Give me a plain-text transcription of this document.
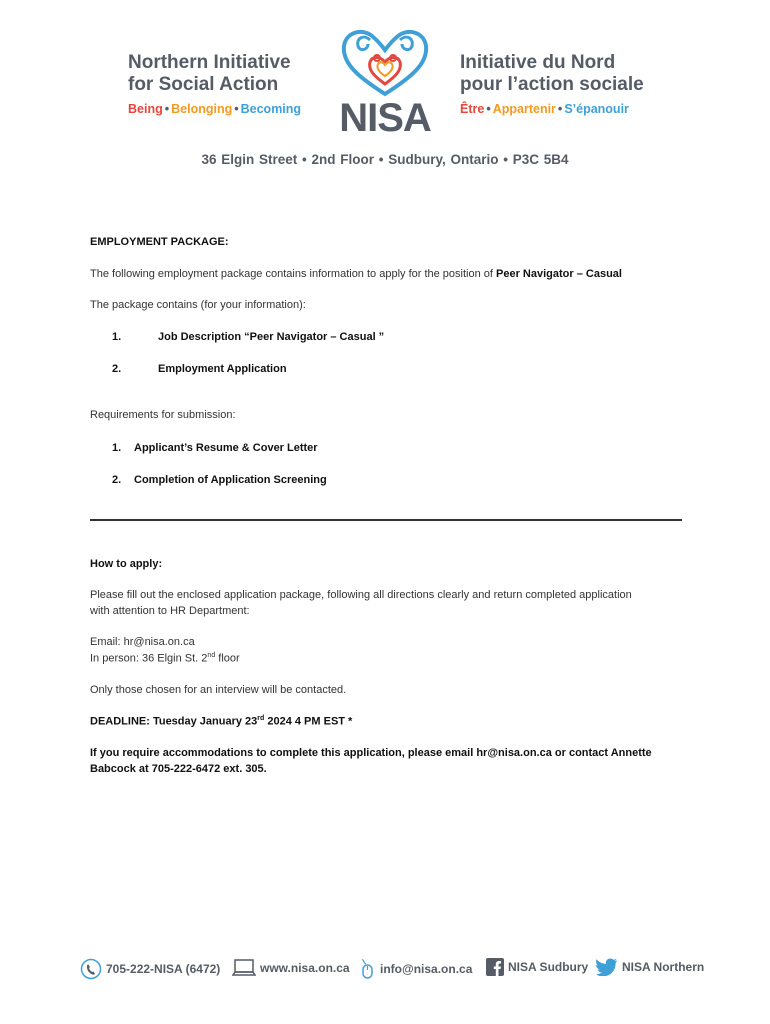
Northern Initiative
for Social Action
Being • Belonging • Becoming NISA
Initiative du Nord
pour l’action sociale
Être • Appartenir • S’épanouir
36 Elgin Street • 2nd Floor • Sudbury, Ontario • P3C 5B4
EMPLOYMENT PACKAGE:
The following employment package contains information to apply for the position of Peer Navigator – Casual
The package contains (for your information):
1.	Job Description “Peer Navigator – Casual ”
2.	Employment Application
Requirements for submission:
1. Applicant’s Resume & Cover Letter
2. Completion of Application Screening
How to apply:
Please fill out the enclosed application package, following all directions clearly and return completed application
with attention to HR Department:
Email: hr@nisa.on.ca
In person: 36 Elgin St. 2nd floor
Only those chosen for an interview will be contacted.
DEADLINE: Tuesday January 23rd 2024 4 PM EST *
If you require accommodations to complete this application, please email hr@nisa.on.ca or contact Annette
Babcock at 705-222-6472 ext. 305.
705-222-NISA (6472)	www.nisa.on.ca	info@nisa.on.ca	NISA Sudbury	NISA Northern
